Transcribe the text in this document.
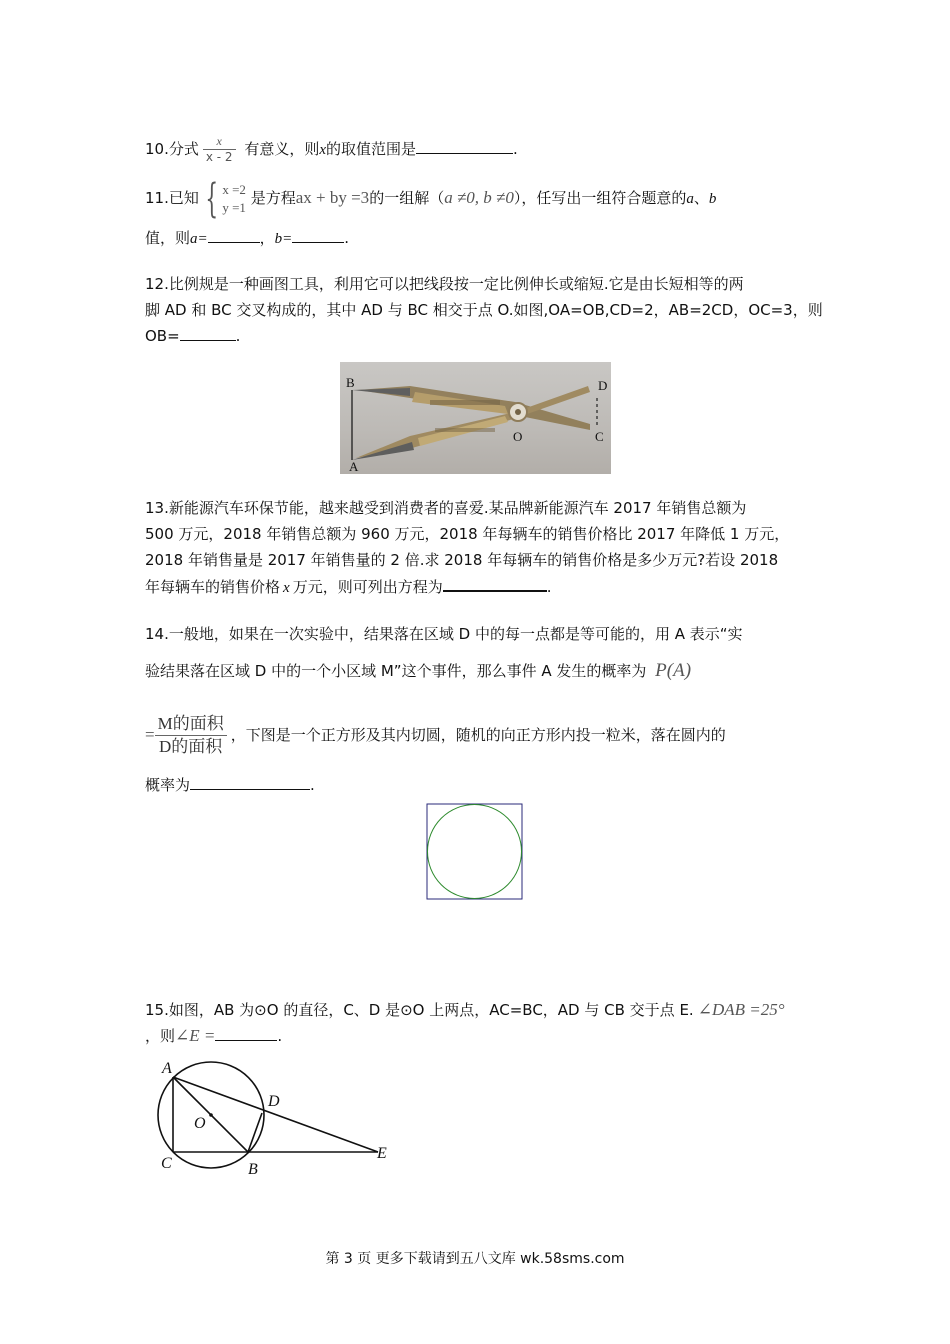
10.分式 $\frac{x}{x - 2}$ 有意义，则x的取值范围是	.
11.已知 { x =2
y =1 是方程ax + by =3的一组解（a ≠0, b ≠0），任写出一组符合题意的a、b
值，则a=	，b=	.
12.比例规是一种画图工具，利用它可以把线段按一定比例伸长或缩短.它是由长短相等的两
脚 AD 和 BC 交叉构成的，其中 AD 与 BC 相交于点 O.如图,OA=OB,CD=2，AB=2CD，OC=3，则
OB=	.
B
A
D
O	C
13.新能源汽车环保节能，越来越受到消费者的喜爱.某品牌新能源汽车 2017 年销售总额为
500 万元，2018 年销售总额为 960 万元，2018 年每辆车的销售价格比 2017 年降低 1 万元，
2018 年销售量是 2017 年销售量的 2 倍.求 2018 年每辆车的销售价格是多少万元?若设 2018
年每辆车的销售价格 x 万元，则可列出方程为	.
14.一般地，如果在一次实验中，结果落在区域 D 中的每一点都是等可能的，用 A 表示“实
验结果落在区域 D 中的一个小区域 M”这个事件，那么事件 A 发生的概率为 P(A)
= $\frac{\text{M的面积}}{\text{D的面积}}$ ，下图是一个正方形及其内切圆，随机的向正方形内投一粒米，落在圆内的
概率为	.
15.如图，AB 为⊙O 的直径，C、D 是⊙O 上两点，AC=BC，AD 与 CB 交于点 E. ∠DAB =25°
，则∠E =	.
A
D
O
C	B
E
第 3 页 更多下载请到五八文库 wk.58sms.com
